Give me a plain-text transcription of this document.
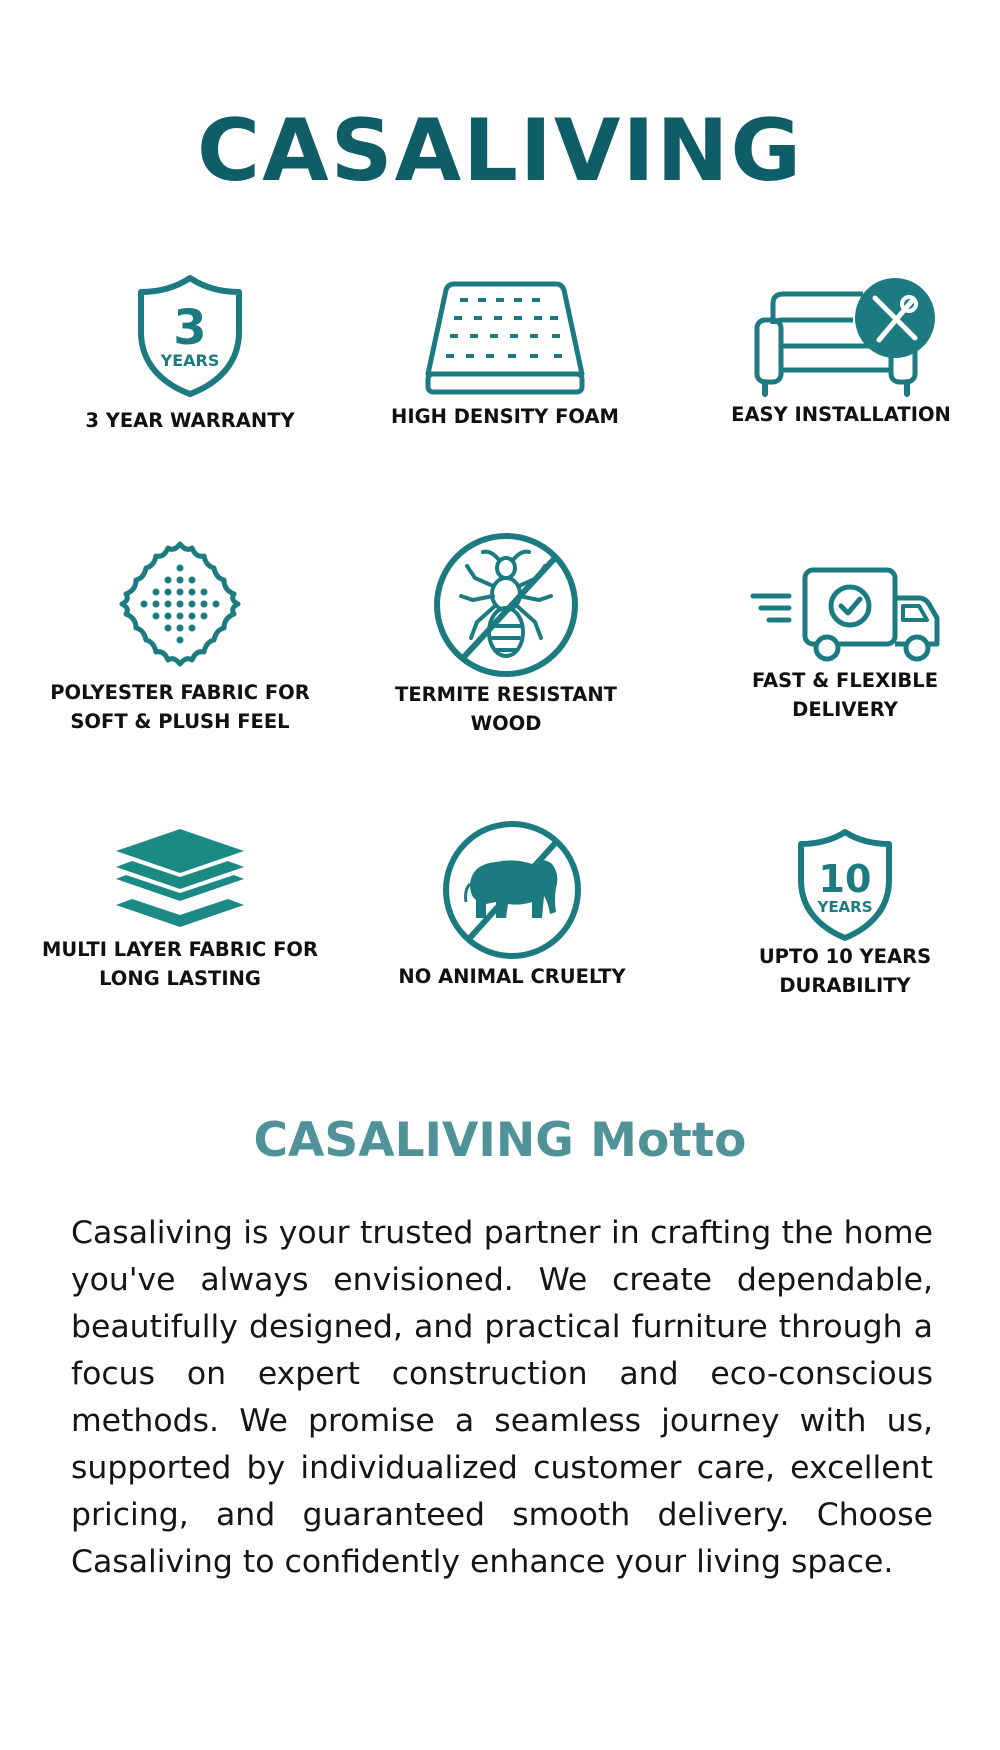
CASALIVING
3
YEARS
3 YEAR WARRANTY	HIGH DENSITY FOAM	EASY INSTALLATION
POLYESTER FABRIC FOR
SOFT & PLUSH FEEL
TERMITE RESISTANT
WOOD
FAST & FLEXIBLE
DELIVERY
MULTI LAYER FABRIC FOR
LONG LASTING	NO ANIMAL CRUELTY
10
YEARS
UPTO 10 YEARS
DURABILITY
CASALIVING Motto

Casaliving is your trusted partner in crafting the home you've always envisioned. We create dependable, beautifully designed, and practical furniture through a focus on expert construction and eco-conscious methods. We promise a seamless journey with us, supported by individualized customer care, excellent pricing, and guaranteed smooth delivery. Choose Casaliving to confidently enhance your living space.
